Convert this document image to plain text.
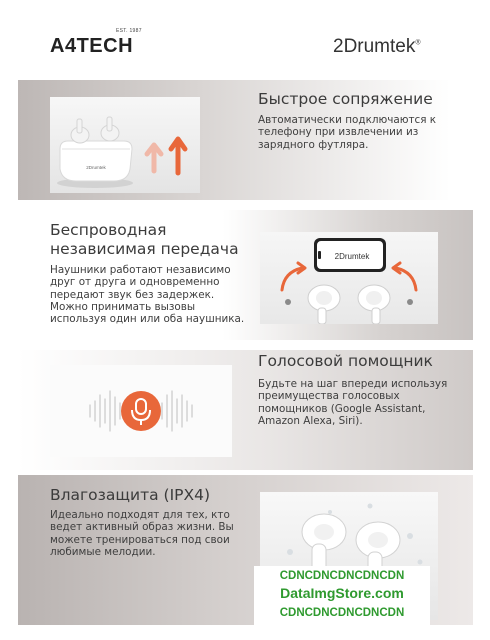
A4TECH
EST. 1987
2Drumtek®
2Drumtek
2Drumtek
Быстрое сопряжение
Автоматически подключаются к телефону при извлечении из зарядного футляра.
Беспроводная независимая передача
Наушники работают независимо друг от друга и одновременно передают звук без задержек. Можно принимать вызовы используя один или оба наушника.
Голосовой помощник
Будьте на шаг впереди используя преимущества голосовых помощников (Google Assistant, Amazon Alexa, Siri).
Влагозащита (IPX4)
Идеально подходят для тех, кто ведет активный образ жизни. Вы можете тренироваться под свои любимые мелодии.
CDNCDNCDNCDNCDN
DataImgStore.com
CDNCDNCDNCDNCDN
